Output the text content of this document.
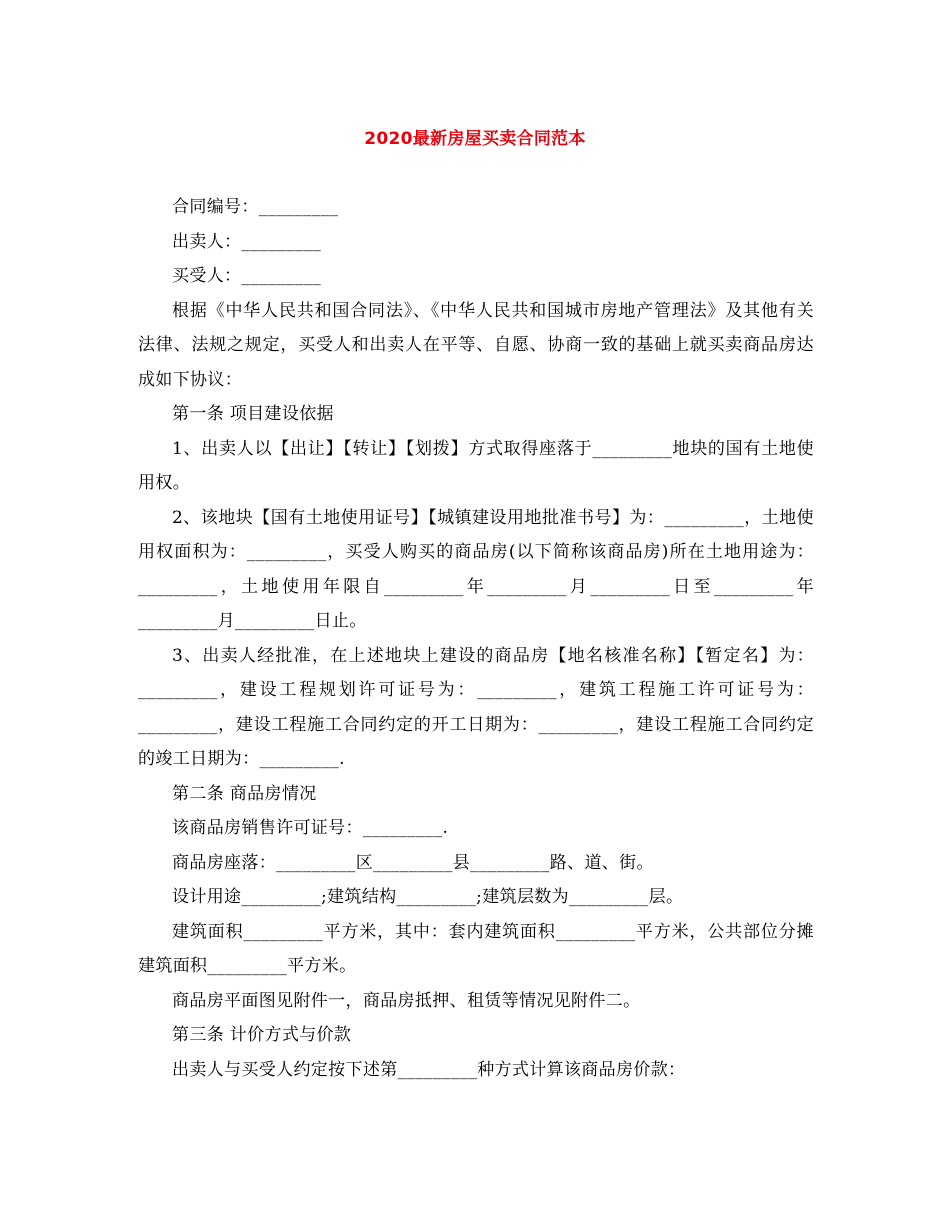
2020最新房屋买卖合同范本

合同编号：_________

出卖人：_________

买受人：_________

根据《中华人民共和国合同法》、《中华人民共和国城市房地产管理法》及其他有关法律、法规之规定，买受人和出卖人在平等、自愿、协商一致的基础上就买卖商品房达成如下协议：

第一条 项目建设依据

1、出卖人以【出让】【转让】【划拨】方式取得座落于_________地块的国有土地使用权。

2、该地块【国有土地使用证号】【城镇建设用地批准书号】为：_________，土地使用权面积为：_________，买受人购买的商品房(以下简称该商品房)所在土地用途为：_________，土地使用年限自_________年_________月_________日至_________年 _________月_________日止。

3、出卖人经批准，在上述地块上建设的商品房【地名核准名称】【暂定名】为：_________，建设工程规划许可证号为：_________，建筑工程施工许可证号为：_________，建设工程施工合同约定的开工日期为：_________，建设工程施工合同约定的竣工日期为：_________.

第二条 商品房情况

该商品房销售许可证号：_________.

商品房座落：_________区_________县_________路、道、街。

设计用途_________;建筑结构_________;建筑层数为_________层。

建筑面积_________平方米，其中：套内建筑面积_________平方米，公共部位分摊建筑面积_________平方米。

商品房平面图见附件一，商品房抵押、租赁等情况见附件二。

第三条 计价方式与价款

出卖人与买受人约定按下述第_________种方式计算该商品房价款：
